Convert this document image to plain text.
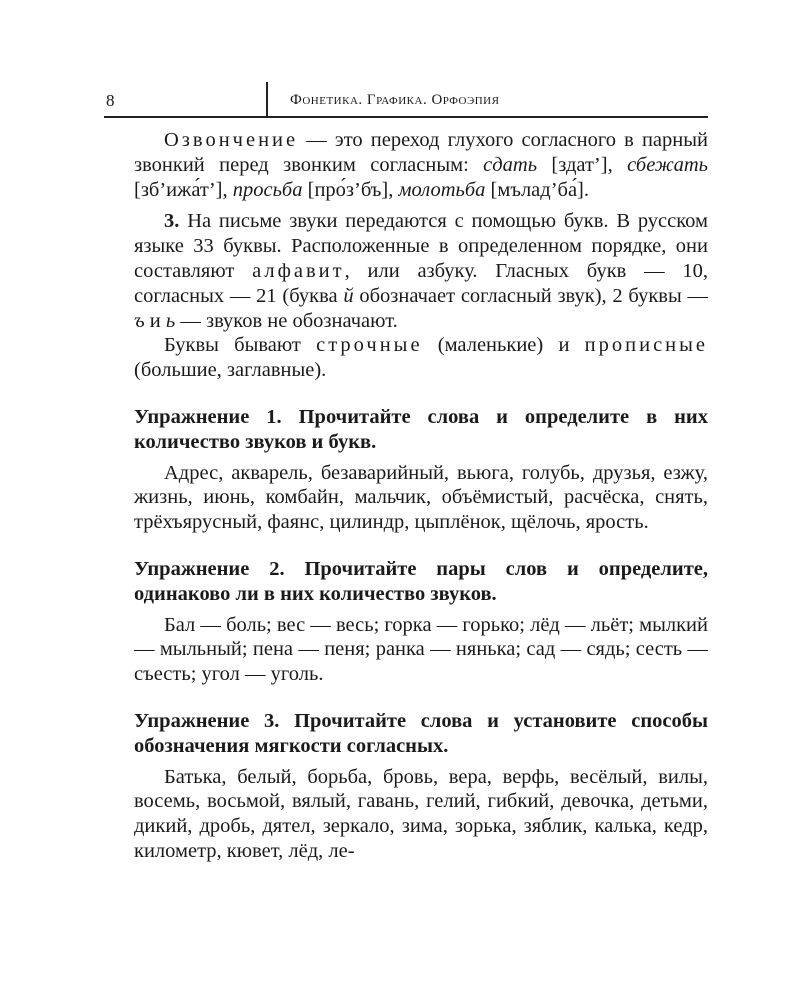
8	Фонетика. Графика. Орфоэпия

Озвончение — это переход глухого согласного в парный звонкий перед звонким согласным: сдать [здат’], сбежать [зб’ижа́т’], просьба [про́з’бъ], молотьба [мълад’ба́].

3. На письме звуки передаются с помощью букв. В русском языке 33 буквы. Расположенные в определенном порядке, они составляют алфавит, или азбуку. Гласных букв — 10, согласных — 21 (буква й обозначает согласный звук), 2 буквы — ъ и ь — звуков не обозначают.

Буквы бывают строчные (маленькие) и прописные (большие, заглавные).

Упражнение 1. Прочитайте слова и определите в них количество звуков и букв.

Адрес, акварель, безаварийный, вьюга, голубь, друзья, езжу, жизнь, июнь, комбайн, мальчик, объёмистый, расчёска, снять, трёхъярусный, фаянс, цилиндр, цыплёнок, щёлочь, ярость.

Упражнение 2. Прочитайте пары слов и определите, одинаково ли в них количество звуков.

Бал — боль; вес — весь; горка — горько; лёд — льёт; мылкий — мыльный; пена — пеня; ранка — нянька; сад — сядь; сесть — съесть; угол — уголь.

Упражнение 3. Прочитайте слова и установите способы обозначения мягкости согласных.

Батька, белый, борьба, бровь, вера, верфь, весёлый, вилы, восемь, восьмой, вялый, гавань, гелий, гибкий, девочка, детьми, дикий, дробь, дятел, зеркало, зима, зорька, зяблик, калька, кедр, километр, кювет, лёд, ле-
